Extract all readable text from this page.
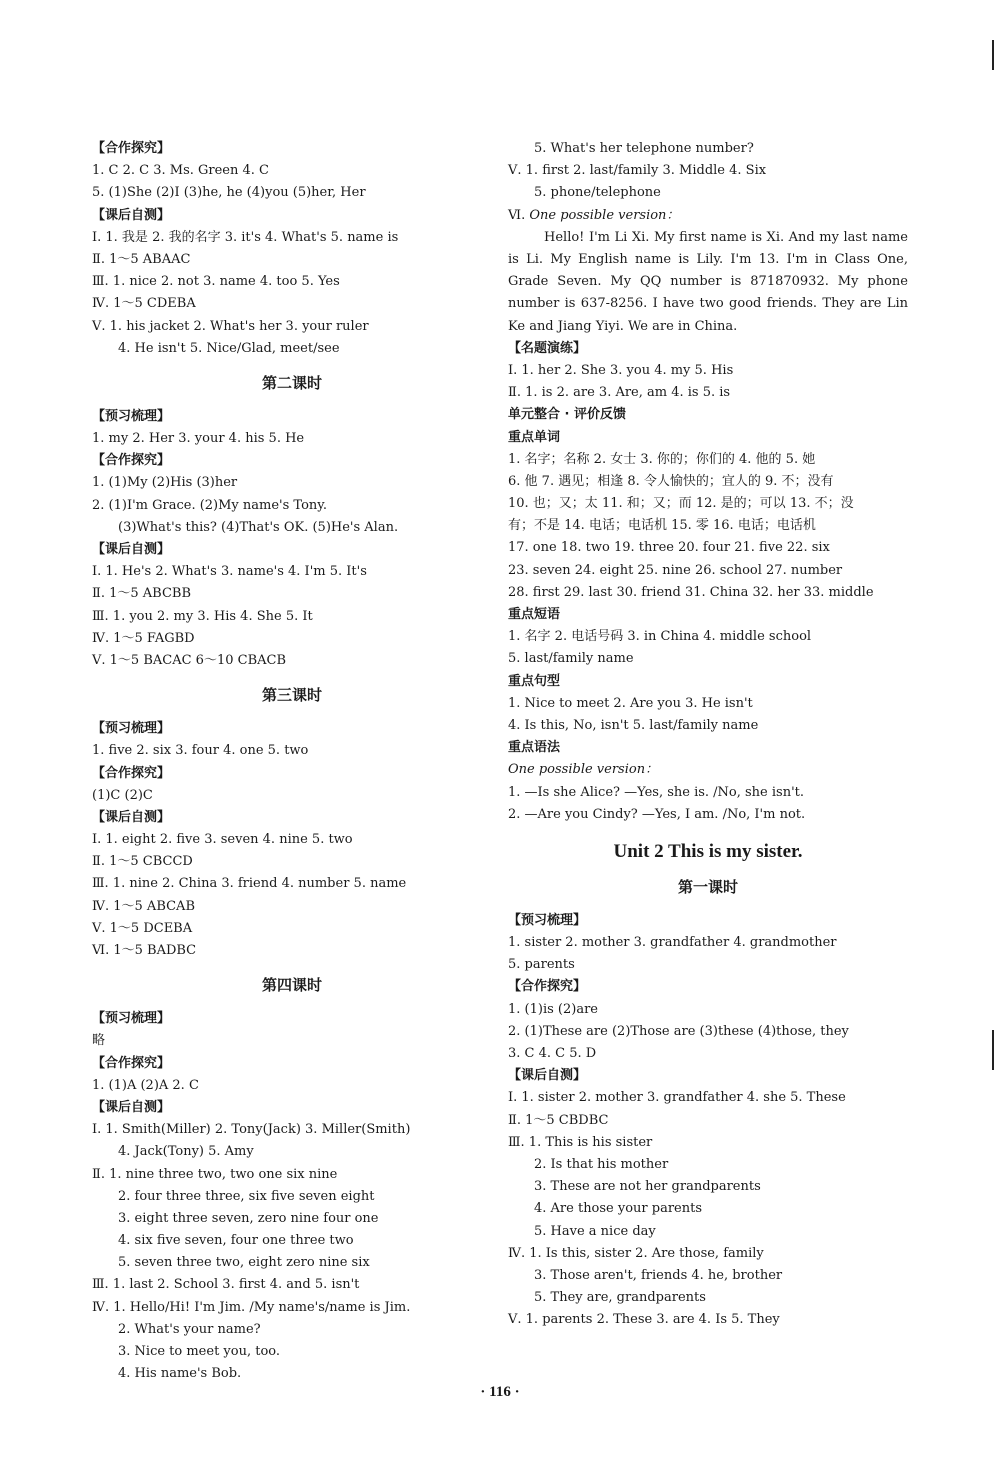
【合作探究】
1. C 2. C 3. Ms. Green 4. C
5. (1)She (2)I (3)he, he (4)you (5)her, Her
【课后自测】
Ⅰ. 1. 我是 2. 我的名字 3. it's 4. What's 5. name is
Ⅱ. 1～5 ABAAC
Ⅲ. 1. nice 2. not 3. name 4. too 5. Yes
Ⅳ. 1～5 CDEBA
Ⅴ. 1. his jacket 2. What's her 3. your ruler
4. He isn't 5. Nice/Glad, meet/see
第二课时
【预习梳理】
1. my 2. Her 3. your 4. his 5. He
【合作探究】
1. (1)My (2)His (3)her
2. (1)I'm Grace. (2)My name's Tony.
(3)What's this? (4)That's OK. (5)He's Alan.
【课后自测】
Ⅰ. 1. He's 2. What's 3. name's 4. I'm 5. It's
Ⅱ. 1～5 ABCBB
Ⅲ. 1. you 2. my 3. His 4. She 5. It
Ⅳ. 1～5 FAGBD
Ⅴ. 1～5 BACAC 6～10 CBACB
第三课时
【预习梳理】
1. five 2. six 3. four 4. one 5. two
【合作探究】
(1)C (2)C
【课后自测】
Ⅰ. 1. eight 2. five 3. seven 4. nine 5. two
Ⅱ. 1～5 CBCCD
Ⅲ. 1. nine 2. China 3. friend 4. number 5. name
Ⅳ. 1～5 ABCAB
Ⅴ. 1～5 DCEBA
Ⅵ. 1～5 BADBC
第四课时
【预习梳理】
略
【合作探究】
1. (1)A (2)A 2. C
【课后自测】
Ⅰ. 1. Smith(Miller) 2. Tony(Jack) 3. Miller(Smith)
4. Jack(Tony) 5. Amy
Ⅱ. 1. nine three two, two one six nine
2. four three three, six five seven eight
3. eight three seven, zero nine four one
4. six five seven, four one three two
5. seven three two, eight zero nine six
Ⅲ. 1. last 2. School 3. first 4. and 5. isn't
Ⅳ. 1. Hello/Hi! I'm Jim. /My name's/name is Jim.
2. What's your name?
3. Nice to meet you, too.
4. His name's Bob.
5. What's her telephone number?
Ⅴ. 1. first 2. last/family 3. Middle 4. Six
5. phone/telephone
Ⅵ. One possible version：
Hello! I'm Li Xi. My first name is Xi. And my last name is Li. My English name is Lily. I'm 13. I'm in Class One, Grade Seven. My QQ number is 871870932. My phone number is 637-8256. I have two good friends. They are Lin Ke and Jiang Yiyi. We are in China.
【名题演练】
Ⅰ. 1. her 2. She 3. you 4. my 5. His
Ⅱ. 1. is 2. are 3. Are, am 4. is 5. is
单元整合 · 评价反馈
重点单词
1. 名字；名称 2. 女士 3. 你的；你们的 4. 他的 5. 她
6. 他 7. 遇见；相逢 8. 令人愉快的；宜人的 9. 不；没有
10. 也；又；太 11. 和；又；而 12. 是的；可以 13. 不；没
有；不是 14. 电话；电话机 15. 零 16. 电话；电话机
17. one 18. two 19. three 20. four 21. five 22. six
23. seven 24. eight 25. nine 26. school 27. number
28. first 29. last 30. friend 31. China 32. her 33. middle
重点短语
1. 名字 2. 电话号码 3. in China 4. middle school
5. last/family name
重点句型
1. Nice to meet 2. Are you 3. He isn't
4. Is this, No, isn't 5. last/family name
重点语法
One possible version：
1. —Is she Alice? —Yes, she is. /No, she isn't.
2. —Are you Cindy? —Yes, I am. /No, I'm not.
Unit 2 This is my sister.
第一课时
【预习梳理】
1. sister 2. mother 3. grandfather 4. grandmother
5. parents
【合作探究】
1. (1)is (2)are
2. (1)These are (2)Those are (3)these (4)those, they
3. C 4. C 5. D
【课后自测】
Ⅰ. 1. sister 2. mother 3. grandfather 4. she 5. These
Ⅱ. 1～5 CBDBC
Ⅲ. 1. This is his sister
2. Is that his mother
3. These are not her grandparents
4. Are those your parents
5. Have a nice day
Ⅳ. 1. Is this, sister 2. Are those, family
3. Those aren't, friends 4. he, brother
5. They are, grandparents
Ⅴ. 1. parents 2. These 3. are 4. Is 5. They
· 116 ·
